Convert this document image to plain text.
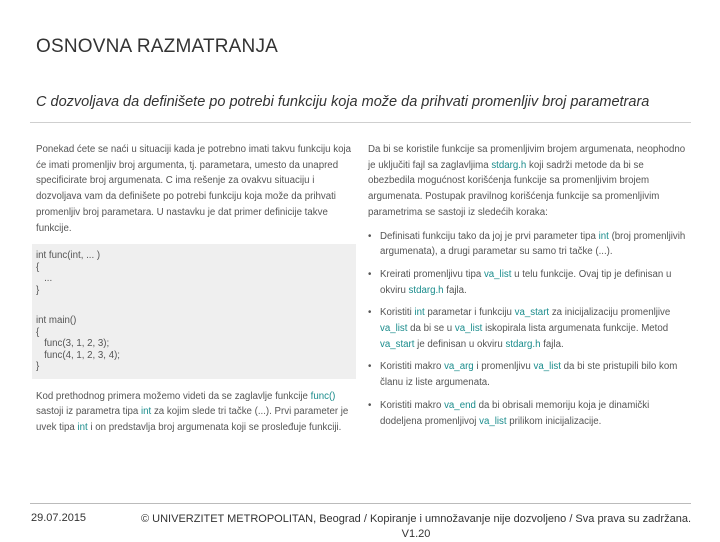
OSNOVNA RAZMATRANJA
C dozvoljava da definišete po potrebi funkciju koja može da prihvati promenljiv broj parametrara

Ponekad ćete se naći u situaciji kada je potrebno imati takvu funkciju koja će imati promenljiv broj argumenta, tj. parametara, umesto da unapred specificirate broj argumenata. C ima rešenje za ovakvu situaciju i dozvoljava vam da definišete po potrebi funkciju koja može da prihvati promenljiv broj parametara. U nastavku je dat primer definicije takve funkcije.

int func(int, ... )
{
...
}
int main()
{
func(3, 1, 2, 3);
func(4, 1, 2, 3, 4);
}

Kod prethodnog primera možemo videti da se zaglavlje funkcije func() sastoji iz parametra tipa int za kojim slede tri tačke (...). Prvi parameter je uvek tipa int i on predstavlja broj argumenata koji se prosleđuje funkciji.

Da bi se koristile funkcije sa promenljivim brojem argumenata, neophodno je uključiti fajl sa zaglavljima stdarg.h koji sadrži metode da bi se obezbedila mogućnost korišćenja funkcije sa promenljivim brojem argumenata. Postupak pravilnog korišćenja funkcije sa promenljivim parametrima se sastoji iz sledećih koraka:

• Definisati funkciju tako da joj je prvi parameter tipa int (broj promenljivih argumenata), a drugi parametar su samo tri tačke (...).
• Kreirati promenljivu tipa va_list u telu funkcije. Ovaj tip je definisan u okviru stdarg.h fajla.
• Koristiti int parametar i funkciju va_start za inicijalizaciju promenljive va_list da bi se u va_list iskopirala lista argumenata funkcije. Metod va_start je definisan u okviru stdarg.h fajla.
• Koristiti makro va_arg i promenljivu va_list da bi ste pristupili bilo kom članu iz liste argumenata.
• Koristiti makro va_end da bi obrisali memoriju koja je dinamički dodeljena promenljivoj va_list prilikom inicijalizacije.
29.07.2015	© UNIVERZITET METROPOLITAN, Beograd / Kopiranje i umnožavanje nije dozvoljeno / Sva prava su zadržana.
V1.20
